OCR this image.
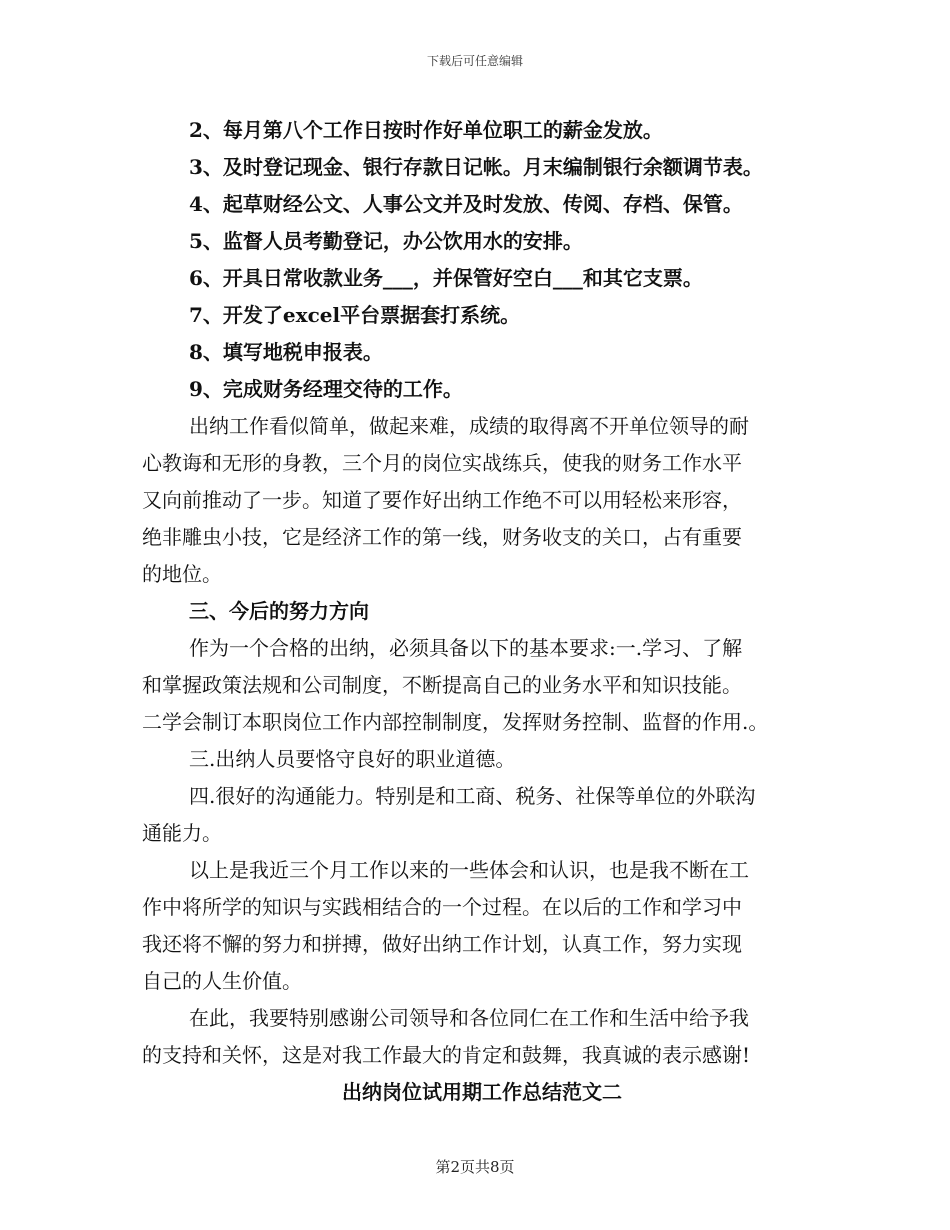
下载后可任意编辑
2、每月第八个工作日按时作好单位职工的薪金发放。
3、及时登记现金、银行存款日记帐。月末编制银行余额调节表。
4、起草财经公文、人事公文并及时发放、传阅、存档、保管。
5、监督人员考勤登记，办公饮用水的安排。
6、开具日常收款业务___，并保管好空白___和其它支票。
7、开发了excel平台票据套打系统。
8、填写地税申报表。
9、完成财务经理交待的工作。
出纳工作看似简单，做起来难，成绩的取得离不开单位领导的耐
心教诲和无形的身教，三个月的岗位实战练兵，使我的财务工作水平
又向前推动了一步。知道了要作好出纳工作绝不可以用轻松来形容，
绝非雕虫小技，它是经济工作的第一线，财务收支的关口，占有重要
的地位。
三、今后的努力方向
作为一个合格的出纳，必须具备以下的基本要求:一.学习、了解
和掌握政策法规和公司制度，不断提高自己的业务水平和知识技能。
二学会制订本职岗位工作内部控制制度，发挥财务控制、监督的作用.。
三.出纳人员要恪守良好的职业道德。
四.很好的沟通能力。特别是和工商、税务、社保等单位的外联沟
通能力。
以上是我近三个月工作以来的一些体会和认识，也是我不断在工
作中将所学的知识与实践相结合的一个过程。在以后的工作和学习中
我还将不懈的努力和拼搏，做好出纳工作计划，认真工作，努力实现
自己的人生价值。
在此，我要特别感谢公司领导和各位同仁在工作和生活中给予我
的支持和关怀，这是对我工作最大的肯定和鼓舞，我真诚的表示感谢!
出纳岗位试用期工作总结范文二
第2页共8页
